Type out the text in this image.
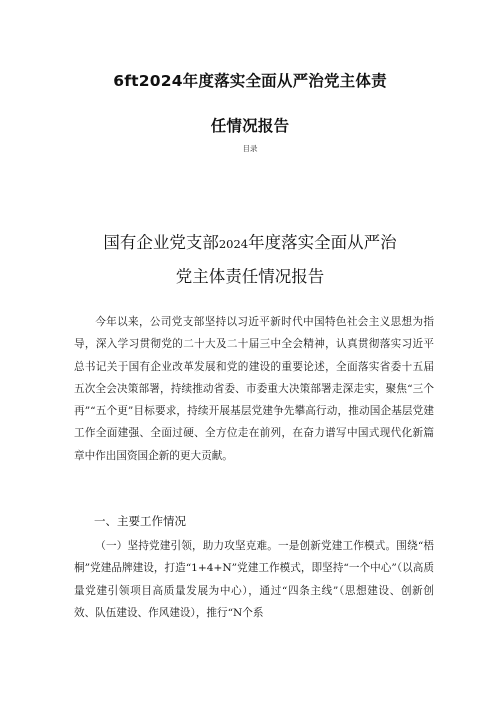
6ft2024年度落实全面从严治党主体责
任情况报告
目录
国有企业党支部2024年度落实全面从严治
党主体责任情况报告

今年以来，公司党支部坚持以习近平新时代中国特色社会主义思想为指导，深入学习贯彻党的二十大及二十届三中全会精神，认真贯彻落实习近平总书记关于国有企业改革发展和党的建设的重要论述，全面落实省委十五届五次全会决策部署，持续推动省委、市委重大决策部署走深走实，聚焦“三个再”“五个更”目标要求，持续开展基层党建争先攀高行动，推动国企基层党建工作全面建强、全面过硬、全方位走在前列，在奋力谱写中国式现代化新篇章中作出国资国企新的更大贡献。

一、主要工作情况

（一）坚持党建引领，助力攻坚克难。一是创新党建工作模式。围绕“梧桐”党建品牌建设，打造“1+4+N”党建工作模式，即坚持“一个中心”（以高质量党建引领项目高质量发展为中心），通过“四条主线”（思想建设、创新创效、队伍建设、作风建设），推行“N个系
